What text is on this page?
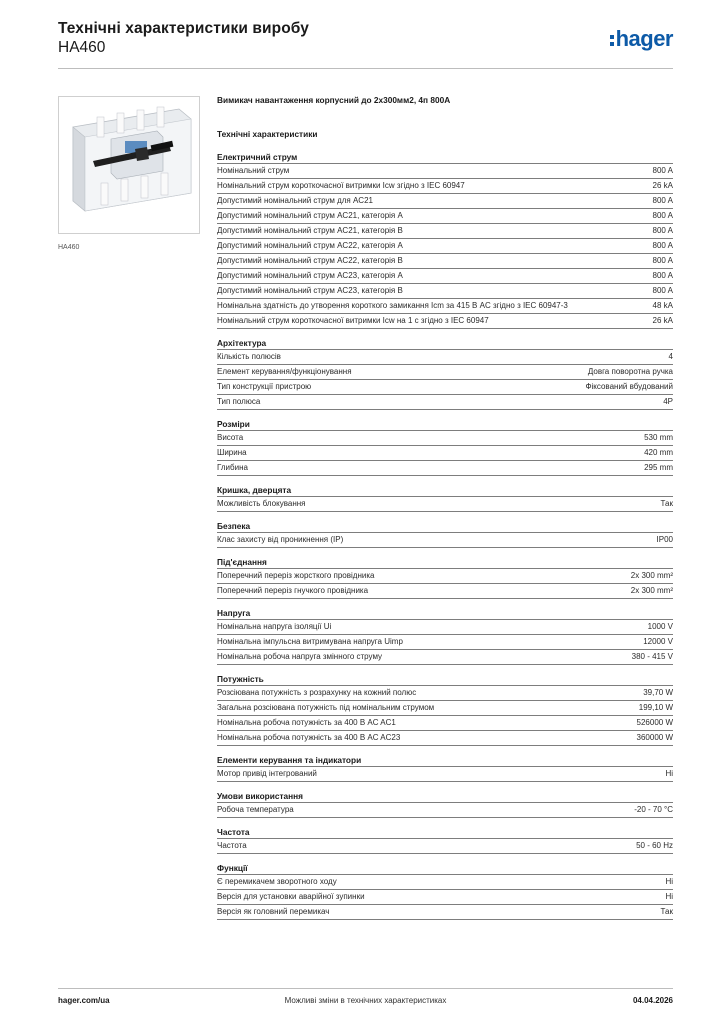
Технічні характеристики виробу
HA460	hager
HA460
Вимикач навантаження корпусний до 2x300мм2, 4п 800А
Технічні характеристики
Електричний струм
Номінальний струм	800 A
Номінальний струм короткочасної витримки Icw згідно з IEC 60947	26 kA
Допустимий номінальний струм для AC21	800 A
Допустимий номінальний струм AC21, категорія A	800 A
Допустимий номінальний струм AC21, категорія B	800 A
Допустимий номінальний струм AC22, категорія A	800 A
Допустимий номінальний струм AC22, категорія B	800 A
Допустимий номінальний струм AC23, категорія A	800 A
Допустимий номінальний струм AC23, категорія B	800 A
Номінальна здатність до утворення короткого замикання Icm за 415 В AC згідно з IEC 60947-3	48 kA
Номінальний струм короткочасної витримки Icw на 1 с згідно з IEC 60947	26 kA
Архітектура
Кількість полюсів	4
Елемент керування/функціонування	Довга поворотна ручка
Тип конструкції пристрою	Фіксований вбудований
Тип полюса	4P
Розміри
Висота	530 mm
Ширина	420 mm
Глибина	295 mm
Кришка, дверцята
Можливість блокування	Так
Безпека
Клас захисту від проникнення (IP)	IP00
Під'єднання
Поперечний переріз жорсткого провідника	2x 300 mm²
Поперечний переріз гнучкого провідника	2x 300 mm²
Напруга
Номінальна напруга ізоляції Ui	1000 V
Номінальна імпульсна витримувана напруга Uimp	12000 V
Номінальна робоча напруга змінного струму	380 - 415 V
Потужність
Розсіювана потужність з розрахунку на кожний полюс	39,70 W
Загальна розсіювана потужність під номінальним струмом	199,10 W
Номінальна робоча потужність за 400 В AC AC1	526000 W
Номінальна робоча потужність за 400 В AC AC23	360000 W
Елементи керування та індикатори
Мотор привід інтегрований	Ні
Умови використання
Робоча температура	-20 - 70 °C
Частота
Частота	50 - 60 Hz
Функції
Є перемикачем зворотного ходу	Ні
Версія для установки аварійної зупинки	Ні
Версія як головний перемикач	Так
hager.com/ua	Можливі зміни в технічних характеристиках	04.04.2026
